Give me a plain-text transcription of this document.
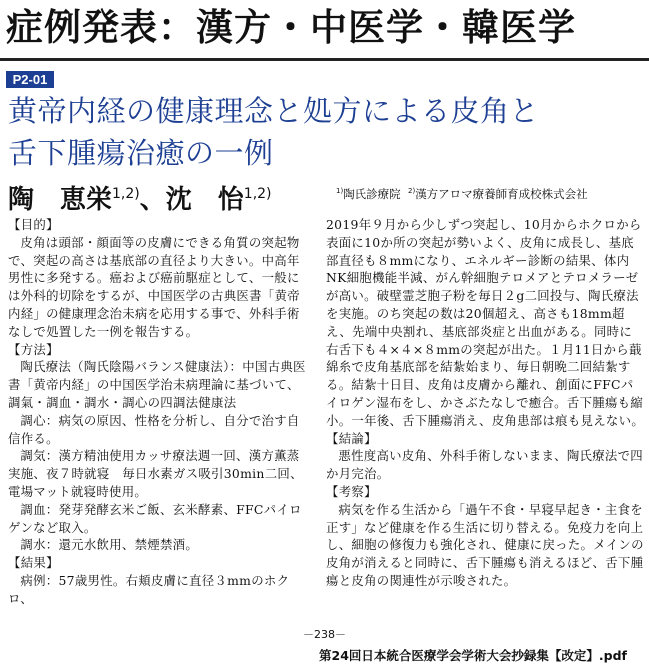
症例発表：漢方・中医学・韓医学
P2-01
黄帝内経の健康理念と処方による皮角と
舌下腫瘍治癒の一例
陶　恵栄$^{1,2)}$、沈　怡$^{1,2)}$	$^{1)}$陶氏診療院 $^{2)}$漢方アロマ療養師育成校株式会社

【目的】

皮角は頭部・顔面等の皮膚にできる角質の突起物で、突起の高さは基底部の直径より大きい。中高年男性に多発する。癌および癌前駆症として、一般には外科的切除をするが、中国医学の古典医書「黄帝内経」の健康理念治未病を応用する事で、外科手術なしで処置した一例を報告する。

【方法】

陶氏療法（陶氏陰陽バランス健康法）：中国古典医書「黄帝内経」の中国医学治未病理論に基づいて、調氣・調血・調水・調心の四調法健康法

調心：病気の原因、性格を分析し、自分で治す自信作る。

調気：漢方精油使用カッサ療法週一回、漢方薫蒸実施、夜７時就寝　毎日水素ガス吸引30min二回、電場マット就寝時使用。

調血：発芽発酵玄米ご飯、玄米酵素、FFCパイロゲンなど取入。

調水：還元水飲用、禁煙禁酒。

【結果】

病例：57歳男性。右頬皮膚に直径３mmのホクロ、

2019年９月から少しずつ突起し、10月からホクロから表面に10か所の突起が勢いよく、皮角に成長し、基底部直径も８mmになり、エネルギー診断の結果、体内NK細胞機能半減、がん幹細胞テロメアとテロメラーゼが高い。破壁霊芝胞子粉を毎日２g二回投与、陶氏療法を実施。のち突起の数は20個超え、高さも18mm超え、先端中央割れ、基底部炎症と出血がある。同時に右舌下も４×４×８mmの突起が出た。１月11日から蕺綿糸で皮角基底部を結紮始まり、毎日朝晩二回結紮する。結紮十日目、皮角は皮膚から離れ、創面にFFCパイロゲン湿布をし、かさぶたなしで癒合。舌下腫瘍も縮小。一年後、舌下腫瘍消え、皮角患部は痕も見えない。

【結論】

悪性度高い皮角、外科手術しないまま、陶氏療法で四か月完治。

【考察】

病気を作る生活から「過午不食・早寝早起き・主食を正す」など健康を作る生活に切り替える。免疫力を向上し、細胞の修復力も強化され、健康に戻った。メインの皮角が消えると同時に、舌下腫瘍も消えるほど、舌下腫瘍と皮角の関連性が示唆された。

－238－
第24回日本統合医療学会学術大会抄録集【改定】.pdf
